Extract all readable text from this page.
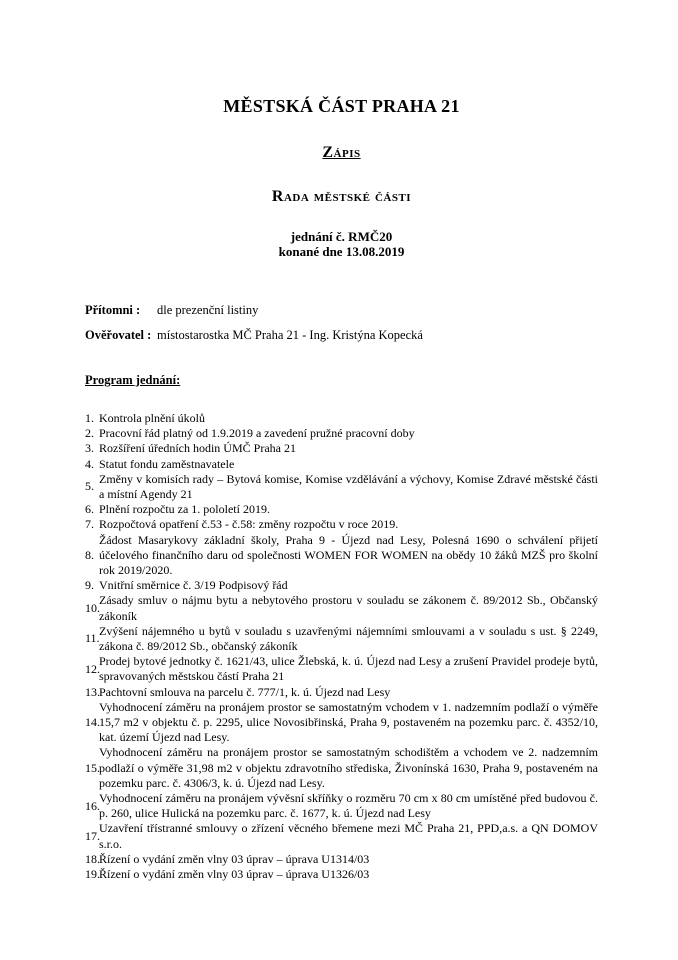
MĚSTSKÁ ČÁST PRAHA 21
Zápis
Rada městské části
jednání č. RMČ20
konané dne 13.08.2019
Přítomni :	dle prezenční listiny
Ověřovatel : místostarostka MČ Praha 21 - Ing. Kristýna Kopecká
Program jednání:
1. Kontrola plnění úkolů
2. Pracovní řád platný od 1.9.2019 a zavedení pružné pracovní doby
3. Rozšíření úředních hodin ÚMČ Praha 21
4. Statut fondu zaměstnavatele
5.
Změny v komisích rady – Bytová komise, Komise vzdělávání a výchovy, Komise Zdravé městské části a místní Agendy 21
6. Plnění rozpočtu za 1. pololetí 2019.
7. Rozpočtová opatření č.53 - č.58: změny rozpočtu v roce 2019.
8.
Žádost Masarykovy základní školy, Praha 9 - Újezd nad Lesy, Polesná 1690 o schválení přijetí účelového finančního daru od společnosti WOMEN FOR WOMEN na obědy 10 žáků MZŠ pro školní rok 2019/2020.
9. Vnitřní směrnice č. 3/19 Podpisový řád
10.
Zásady smluv o nájmu bytu a nebytového prostoru v souladu se zákonem č. 89/2012 Sb., Občanský zákoník
11.
Zvýšení nájemného u bytů v souladu s uzavřenými nájemními smlouvami a v souladu s ust. § 2249, zákona č. 89/2012 Sb., občanský zákoník
12.
Prodej bytové jednotky č. 1621/43, ulice Žlebská, k. ú. Újezd nad Lesy a zrušení Pravidel prodeje bytů, spravovaných městskou částí Praha 21
13. Pachtovní smlouva na parcelu č. 777/1, k. ú. Újezd nad Lesy
14.
Vyhodnocení záměru na pronájem prostor se samostatným vchodem v 1. nadzemním podlaží o výměře 15,7 m2 v objektu č. p. 2295, ulice Novosibřinská, Praha 9, postaveném na pozemku parc. č. 4352/10, kat. území Újezd nad Lesy.
15.
Vyhodnocení záměru na pronájem prostor se samostatným schodištěm a vchodem ve 2. nadzemním podlaží o výměře 31,98 m2 v objektu zdravotního střediska, Živonínská 1630, Praha 9, postaveném na pozemku parc. č. 4306/3, k. ú. Újezd nad Lesy.
16.
Vyhodnocení záměru na pronájem vývěsní skříňky o rozměru 70 cm x 80 cm umístěné před budovou č. p. 260, ulice Hulická na pozemku parc. č. 1677, k. ú. Újezd nad Lesy
17.
Uzavření třístranné smlouvy o zřízení věcného břemene mezi MČ Praha 21, PPD,a.s. a QN DOMOV s.r.o.
18. Řízení o vydání změn vlny 03 úprav – úprava U1314/03
19. Řízení o vydání změn vlny 03 úprav – úprava U1326/03
